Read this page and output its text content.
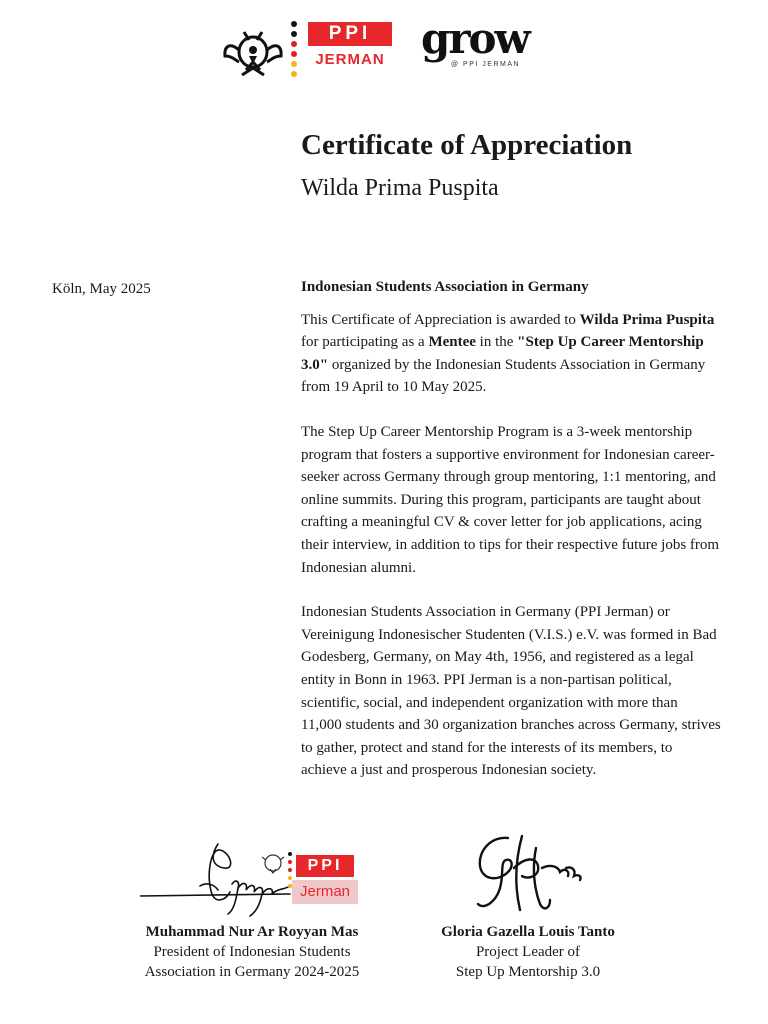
PPI
JERMAN grow
@ PPI JERMAN
Certificate of Appreciation
Wilda Prima Puspita
Köln, May 2025	Indonesian Students Association in Germany

This Certificate of Appreciation is awarded to Wilda Prima Puspita for participating as a Mentee in the "Step Up Career Mentorship 3.0" organized by the Indonesian Students Association in Germany from 19 April to 10 May 2025.

The Step Up Career Mentorship Program is a 3-week mentorship program that fosters a supportive environment for Indonesian career-seeker across Germany through group mentoring, 1:1 mentoring, and online summits. During this program, participants are taught about crafting a meaningful CV & cover letter for job applications, acing their interview, in addition to tips for their respective future jobs from Indonesian alumni.

Indonesian Students Association in Germany (PPI Jerman) or Vereinigung Indonesischer Studenten (V.I.S.) e.V. was formed in Bad Godesberg, Germany, on May 4th, 1956, and registered as a legal entity in Bonn in 1963. PPI Jerman is a non-partisan political, scientific, social, and independent organization with more than 11,000 students and 30 organization branches across Germany, strives to gather, protect and stand for the interests of its members, to achieve a just and prosperous Indonesian society.

PPI
Jerman
Muhammad Nur Ar Royyan Mas
President of Indonesian Students
Association in Germany 2024-2025
Gloria Gazella Louis Tanto
Project Leader of
Step Up Mentorship 3.0
